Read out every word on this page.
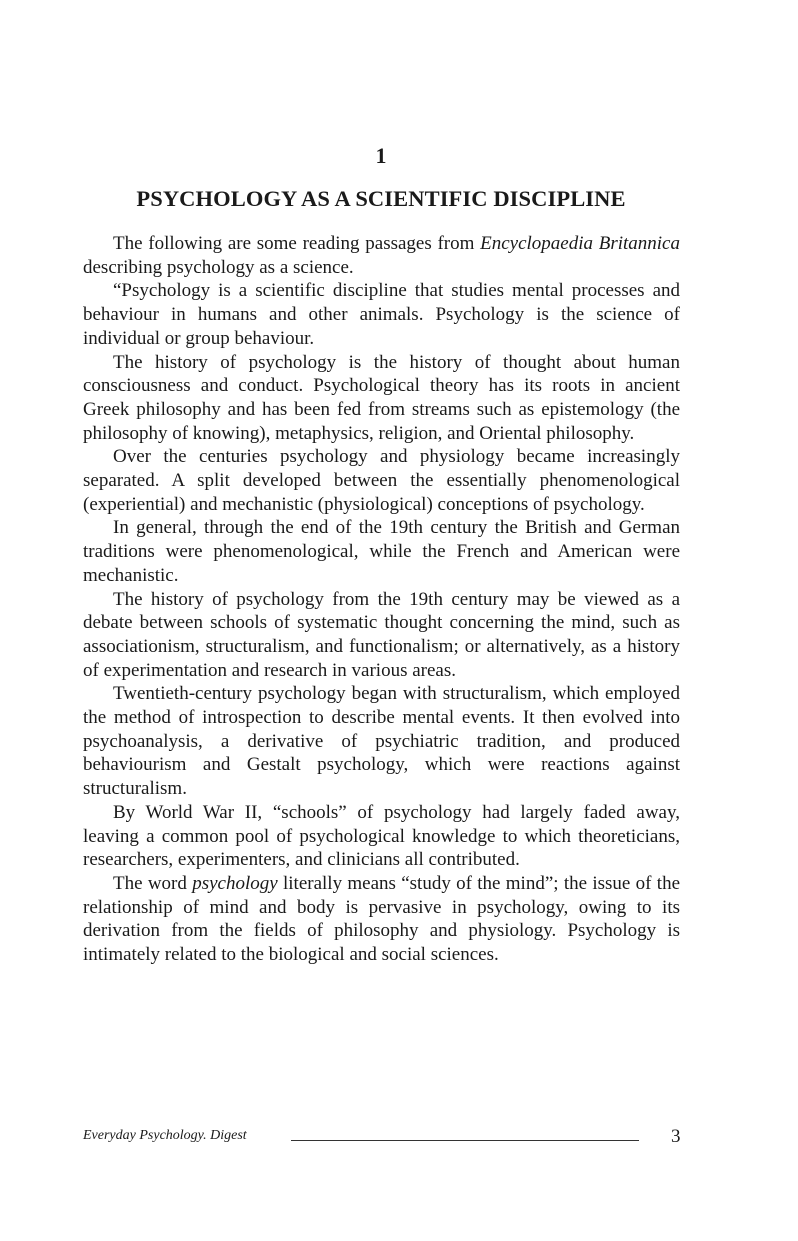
1
PSYCHOLOGY AS A SCIENTIFIC DISCIPLINE

The following are some reading passages from Encyclopaedia Britannica describing psychology as a science.

“Psychology is a scientific discipline that studies mental processes and behaviour in humans and other animals. Psychology is the science of individual or group behaviour.

The history of psychology is the history of thought about human consciousness and conduct. Psychological theory has its roots in ancient Greek philosophy and has been fed from streams such as epistemology (the philosophy of knowing), metaphysics, religion, and Oriental philosophy.

Over the centuries psychology and physiology became increasingly separated. A split developed between the essentially phenomenological (experiential) and mechanistic (physiological) conceptions of psychology.

In general, through the end of the 19th century the British and German traditions were phenomenological, while the French and American were mechanistic.

The history of psychology from the 19th century may be viewed as a debate between schools of systematic thought concerning the mind, such as associationism, structuralism, and functionalism; or alternatively, as a history of experimentation and research in various areas.

Twentieth-century psychology began with structuralism, which employed the method of introspection to describe mental events. It then evolved into psychoanalysis, a derivative of psychiatric tradition, and produced behaviourism and Gestalt psychology, which were reactions against structuralism.

By World War II, “schools” of psychology had largely faded away, leaving a common pool of psychological knowledge to which theoreticians, researchers, experimenters, and clinicians all contributed.

The word psychology literally means “study of the mind”; the issue of the relationship of mind and body is pervasive in psychology, owing to its derivation from the fields of philosophy and physiology. Psychology is intimately related to the biological and social sciences.

Everyday Psychology. Digest	3
